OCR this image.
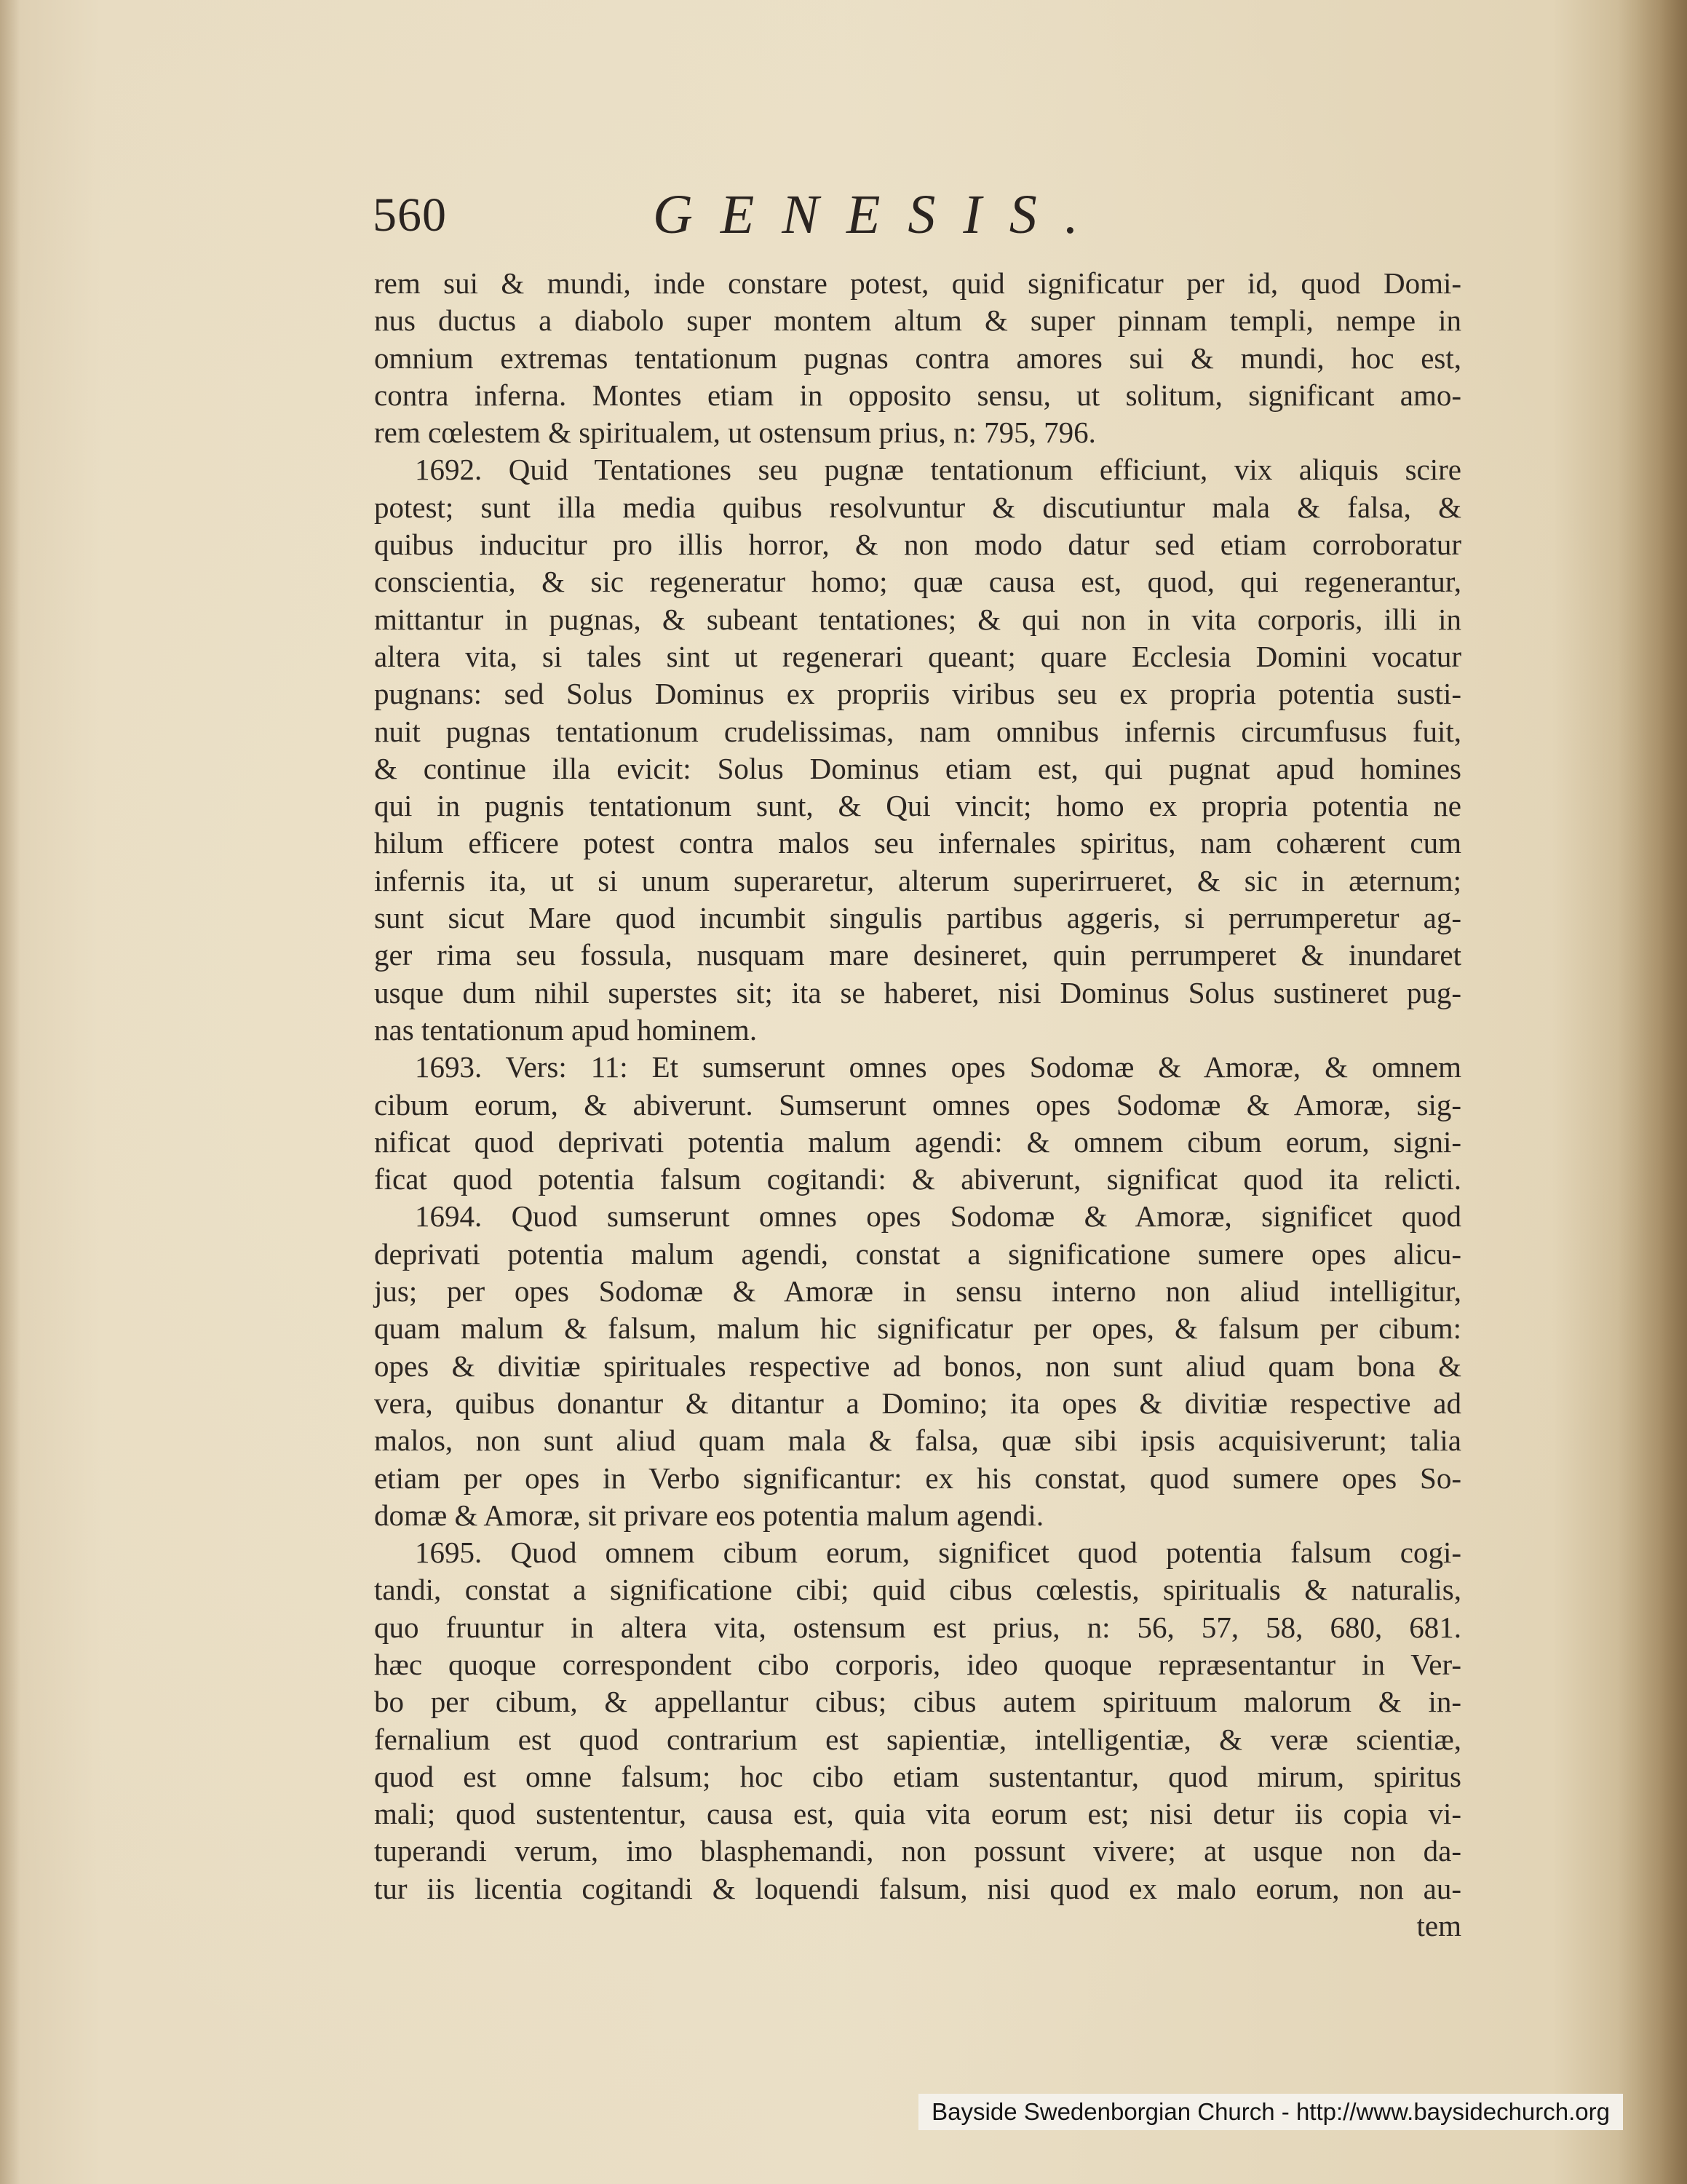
560	GENESIS.
rem sui & mundi, inde constare potest, quid significatur per id, quod Domi-
nus ductus a diabolo super montem altum & super pinnam templi, nempe in
omnium extremas tentationum pugnas contra amores sui & mundi, hoc est,
contra inferna. Montes etiam in opposito sensu, ut solitum, significant amo-
rem cœlestem & spiritualem, ut ostensum prius, n: 795, 796.
1692. Quid Tentationes seu pugnæ tentationum efficiunt, vix aliquis scire
potest; sunt illa media quibus resolvuntur & discutiuntur mala & falsa, &
quibus inducitur pro illis horror, & non modo datur sed etiam corroboratur
conscientia, & sic regeneratur homo; quæ causa est, quod, qui regenerantur,
mittantur in pugnas, & subeant tentationes; & qui non in vita corporis, illi in
altera vita, si tales sint ut regenerari queant; quare Ecclesia Domini vocatur
pugnans: sed Solus Dominus ex propriis viribus seu ex propria potentia susti-
nuit pugnas tentationum crudelissimas, nam omnibus infernis circumfusus fuit,
& continue illa evicit: Solus Dominus etiam est, qui pugnat apud homines
qui in pugnis tentationum sunt, & Qui vincit; homo ex propria potentia ne
hilum efficere potest contra malos seu infernales spiritus, nam cohærent cum
infernis ita, ut si unum superaretur, alterum superirrueret, & sic in æternum;
sunt sicut Mare quod incumbit singulis partibus aggeris, si perrumperetur ag-
ger rima seu fossula, nusquam mare desineret, quin perrumperet & inundaret
usque dum nihil superstes sit; ita se haberet, nisi Dominus Solus sustineret pug-
nas tentationum apud hominem.
1693. Vers: 11: Et sumserunt omnes opes Sodomæ & Amoræ, & omnem
cibum eorum, & abiverunt. Sumserunt omnes opes Sodomæ & Amoræ, sig-
nificat quod deprivati potentia malum agendi: & omnem cibum eorum, signi-
ficat quod potentia falsum cogitandi: & abiverunt, significat quod ita relicti.
1694. Quod sumserunt omnes opes Sodomæ & Amoræ, significet quod
deprivati potentia malum agendi, constat a significatione sumere opes alicu-
jus; per opes Sodomæ & Amoræ in sensu interno non aliud intelligitur,
quam malum & falsum, malum hic significatur per opes, & falsum per cibum:
opes & divitiæ spirituales respective ad bonos, non sunt aliud quam bona &
vera, quibus donantur & ditantur a Domino; ita opes & divitiæ respective ad
malos, non sunt aliud quam mala & falsa, quæ sibi ipsis acquisiverunt; talia
etiam per opes in Verbo significantur: ex his constat, quod sumere opes So-
domæ & Amoræ, sit privare eos potentia malum agendi.
1695. Quod omnem cibum eorum, significet quod potentia falsum cogi-
tandi, constat a significatione cibi; quid cibus cœlestis, spiritualis & naturalis,
quo fruuntur in altera vita, ostensum est prius, n: 56, 57, 58, 680, 681.
hæc quoque correspondent cibo corporis, ideo quoque repræsentantur in Ver-
bo per cibum, & appellantur cibus; cibus autem spirituum malorum & in-
fernalium est quod contrarium est sapientiæ, intelligentiæ, & veræ scientiæ,
quod est omne falsum; hoc cibo etiam sustentantur, quod mirum, spiritus
mali; quod sustententur, causa est, quia vita eorum est; nisi detur iis copia vi-
tuperandi verum, imo blasphemandi, non possunt vivere; at usque non da-
tur iis licentia cogitandi & loquendi falsum, nisi quod ex malo eorum, non au-
tem
Bayside Swedenborgian Church - http://www.baysidechurch.org
